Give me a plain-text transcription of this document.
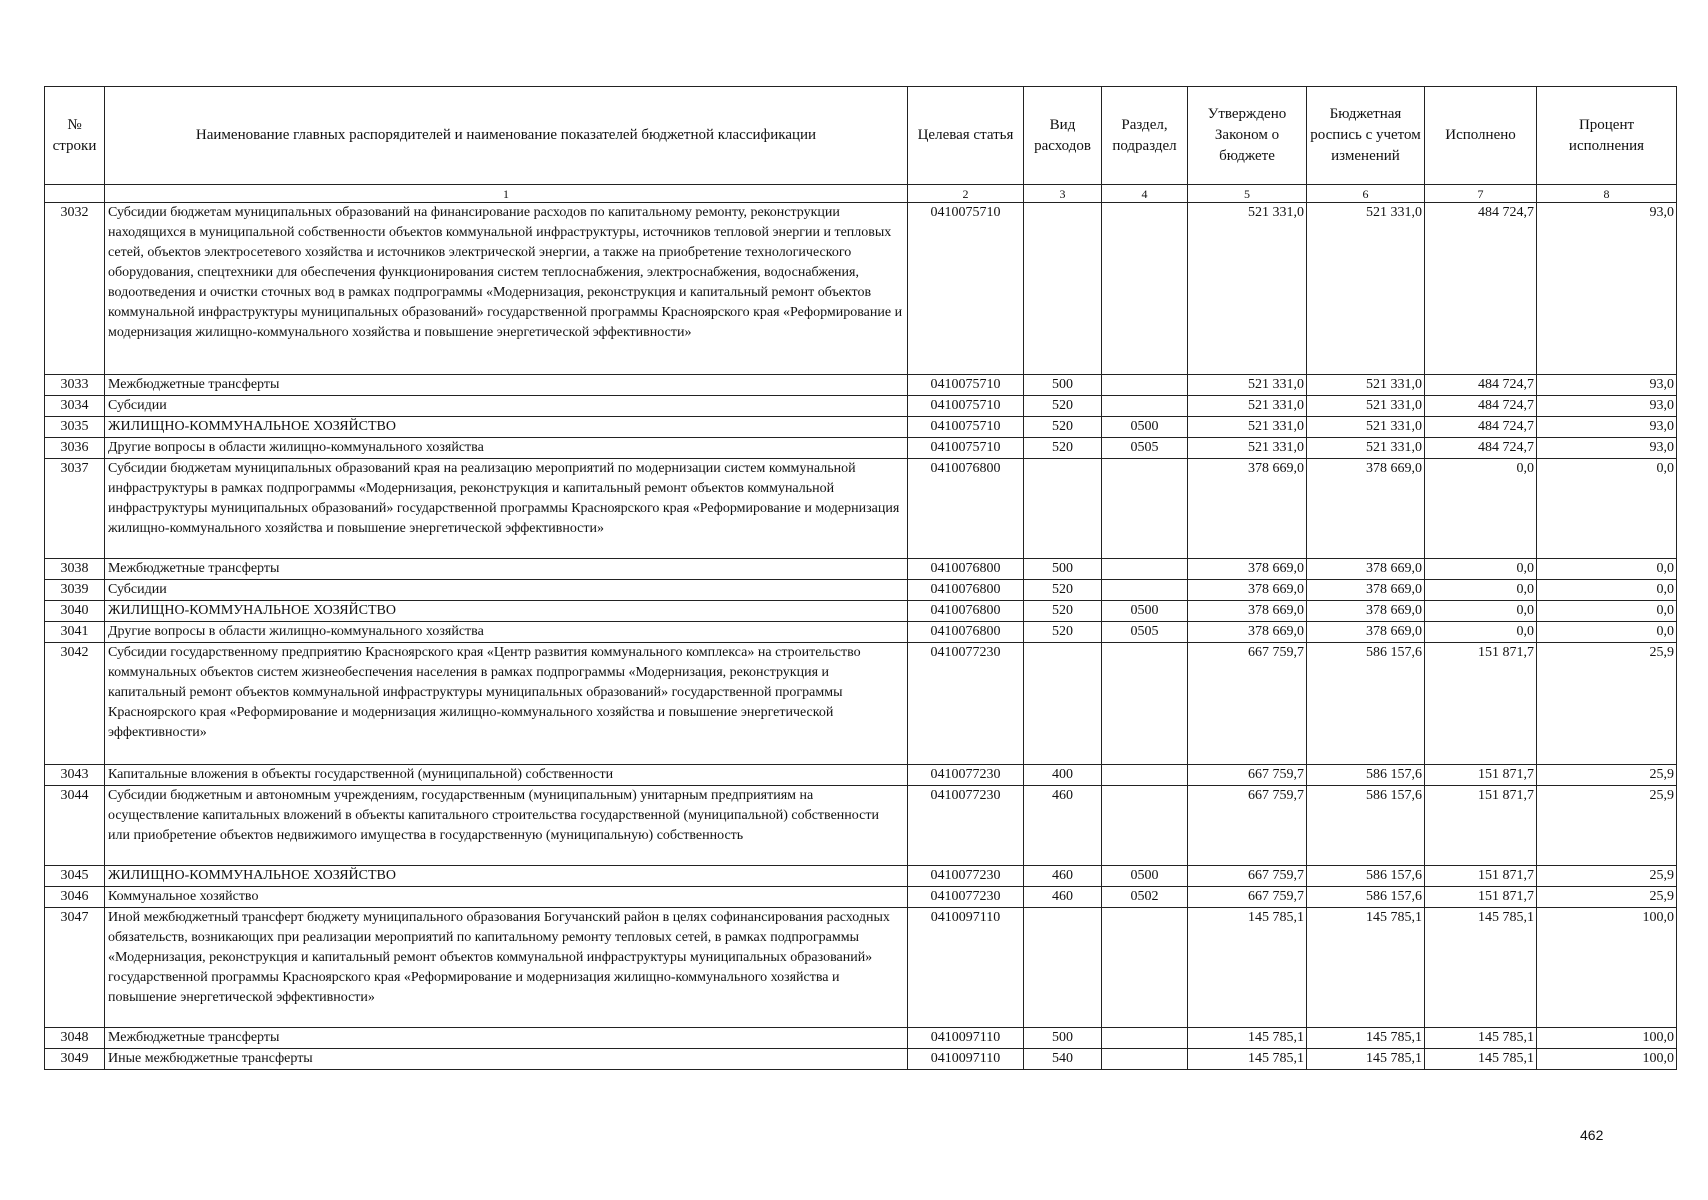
№ строки	Наименование главных распорядителей и наименование показателей бюджетной классификации	Целевая статья	Вид расходов	Раздел, подраздел	Утверждено Законом о бюджете	Бюджетная роспись с учетом изменений	Исполнено	Процент исполнения
	1	2	3	4	5	6	7	8
3032	Субсидии бюджетам муниципальных образований на финансирование расходов по капитальному ремонту, реконструкции находящихся в муниципальной собственности объектов коммунальной инфраструктуры, источников тепловой энергии и тепловых сетей, объектов электросетевого хозяйства и источников электрической энергии, а также на приобретение технологического оборудования, спецтехники для обеспечения функционирования систем теплоснабжения, электроснабжения, водоснабжения, водоотведения и очистки сточных вод в рамках подпрограммы «Модернизация, реконструкция и капитальный ремонт объектов коммунальной инфраструктуры муниципальных образований» государственной программы Красноярского края «Реформирование и модернизация жилищно-коммунального хозяйства и повышение энергетической эффективности»	0410075710			521 331,0	521 331,0	484 724,7	93,0
3033	Межбюджетные трансферты	0410075710	500		521 331,0	521 331,0	484 724,7	93,0
3034	Субсидии	0410075710	520		521 331,0	521 331,0	484 724,7	93,0
3035	ЖИЛИЩНО-КОММУНАЛЬНОЕ ХОЗЯЙСТВО	0410075710	520	0500	521 331,0	521 331,0	484 724,7	93,0
3036	Другие вопросы в области жилищно-коммунального хозяйства	0410075710	520	0505	521 331,0	521 331,0	484 724,7	93,0
3037	Субсидии бюджетам муниципальных образований края на реализацию мероприятий по модернизации систем коммунальной инфраструктуры в рамках подпрограммы «Модернизация, реконструкция и капитальный ремонт объектов коммунальной инфраструктуры муниципальных образований» государственной программы Красноярского края «Реформирование и модернизация жилищно-коммунального хозяйства и повышение энергетической эффективности»	0410076800			378 669,0	378 669,0	0,0	0,0
3038	Межбюджетные трансферты	0410076800	500		378 669,0	378 669,0	0,0	0,0
3039	Субсидии	0410076800	520		378 669,0	378 669,0	0,0	0,0
3040	ЖИЛИЩНО-КОММУНАЛЬНОЕ ХОЗЯЙСТВО	0410076800	520	0500	378 669,0	378 669,0	0,0	0,0
3041	Другие вопросы в области жилищно-коммунального хозяйства	0410076800	520	0505	378 669,0	378 669,0	0,0	0,0
3042	Субсидии государственному предприятию Красноярского края «Центр развития коммунального комплекса» на строительство коммунальных объектов систем жизнеобеспечения населения в рамках подпрограммы «Модернизация, реконструкция и капитальный ремонт объектов коммунальной инфраструктуры муниципальных образований» государственной программы Красноярского края «Реформирование и модернизация жилищно-коммунального хозяйства и повышение энергетической эффективности»	0410077230			667 759,7	586 157,6	151 871,7	25,9
3043	Капитальные вложения в объекты государственной (муниципальной) собственности	0410077230	400		667 759,7	586 157,6	151 871,7	25,9
3044	Субсидии бюджетным и автономным учреждениям, государственным (муниципальным) унитарным предприятиям на осуществление капитальных вложений в объекты капитального строительства государственной (муниципальной) собственности или приобретение объектов недвижимого имущества в государственную (муниципальную) собственность	0410077230	460		667 759,7	586 157,6	151 871,7	25,9
3045	ЖИЛИЩНО-КОММУНАЛЬНОЕ ХОЗЯЙСТВО	0410077230	460	0500	667 759,7	586 157,6	151 871,7	25,9
3046	Коммунальное хозяйство	0410077230	460	0502	667 759,7	586 157,6	151 871,7	25,9
3047	Иной межбюджетный трансферт бюджету муниципального образования Богучанский район в целях софинансирования расходных обязательств, возникающих при реализации мероприятий по капитальному ремонту тепловых сетей, в рамках подпрограммы «Модернизация, реконструкция и капитальный ремонт объектов коммунальной инфраструктуры муниципальных образований» государственной программы Красноярского края «Реформирование и модернизация жилищно-коммунального хозяйства и повышение энергетической эффективности»	0410097110			145 785,1	145 785,1	145 785,1	100,0
3048	Межбюджетные трансферты	0410097110	500		145 785,1	145 785,1	145 785,1	100,0
3049	Иные межбюджетные трансферты	0410097110	540		145 785,1	145 785,1	145 785,1	100,0
462
